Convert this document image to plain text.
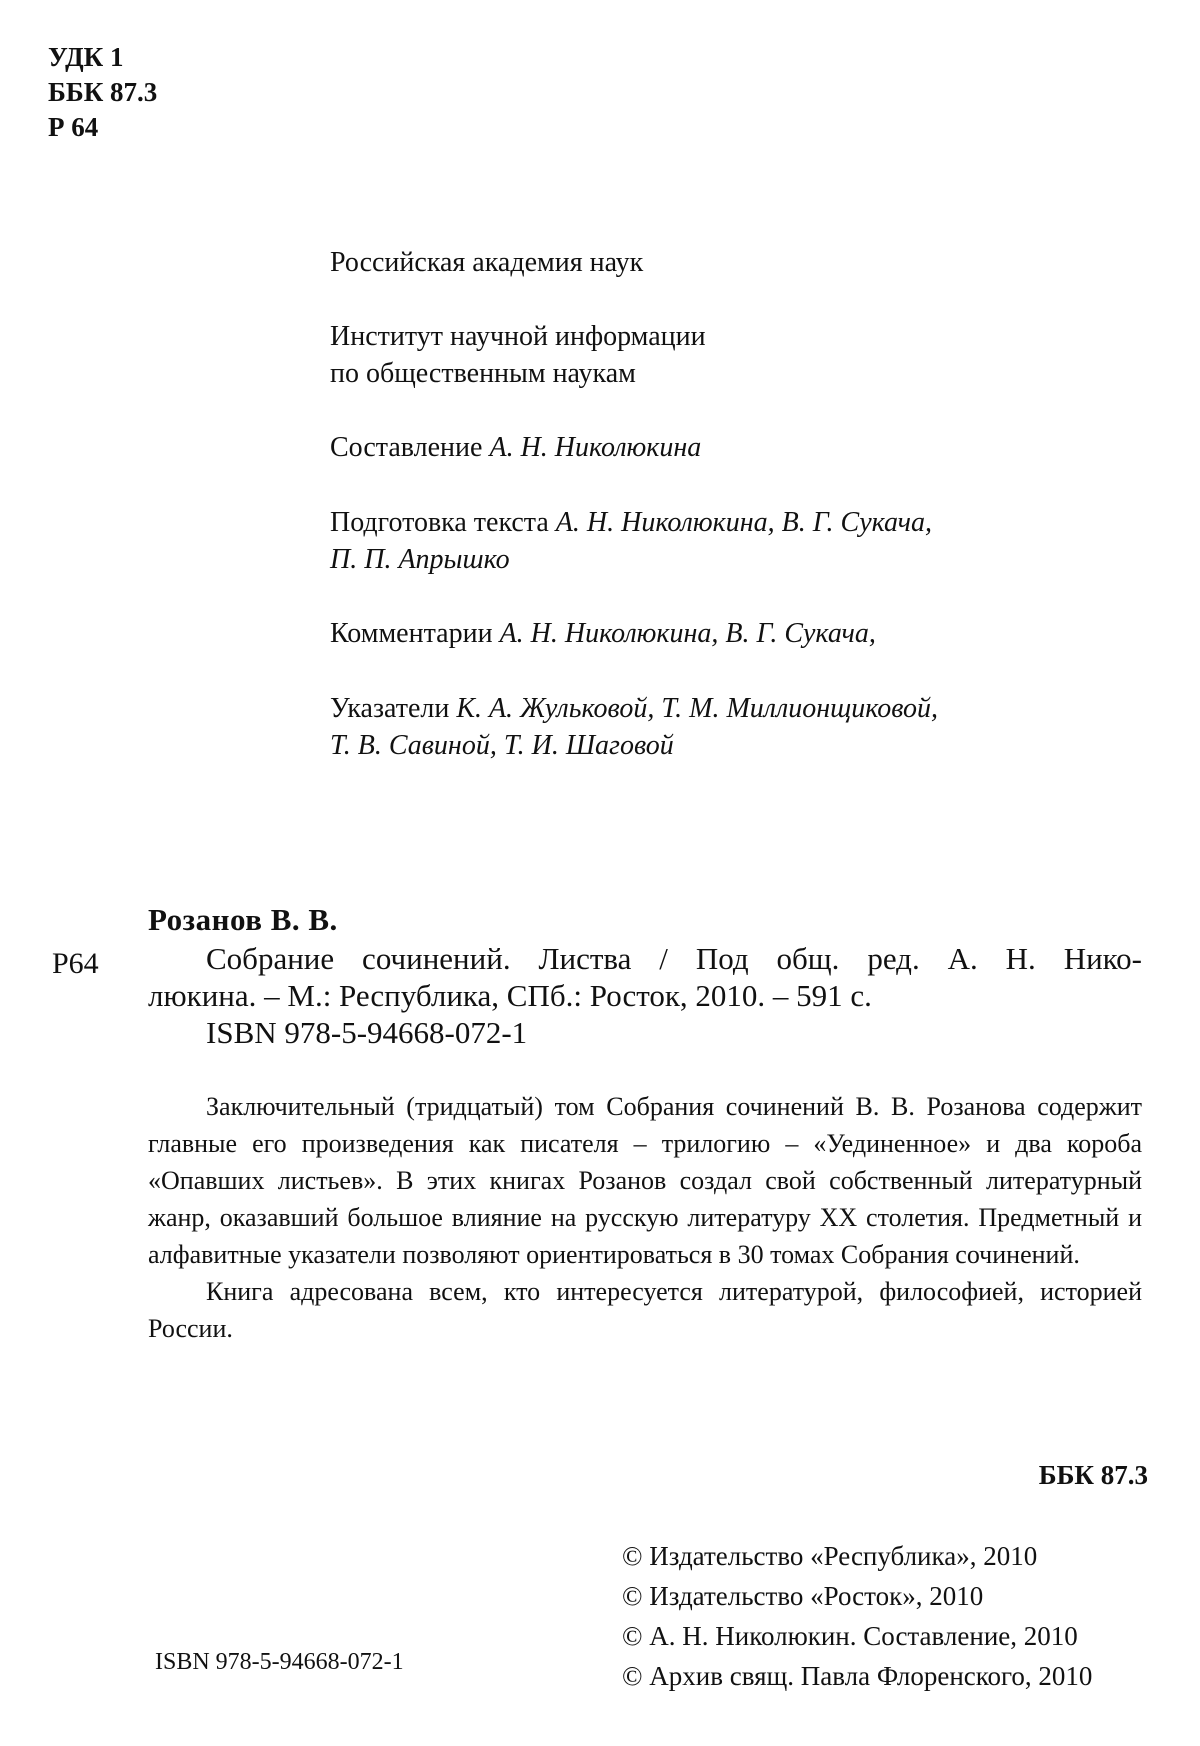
УДК 1
ББК 87.3
Р 64
Российская академия наук
Институт научной информации
по общественным наукам
Составление А. Н. Николюкина
Подготовка текста А. Н. Николюкина, В. Г. Сукача,
П. П. Апрышко
Комментарии А. Н. Николюкина, В. Г. Сукача,
Указатели К. А. Жульковой, Т. М. Миллионщиковой,
Т. В. Савиной, Т. И. Шаговой
Розанов В. В.
Р64	Собрание сочинений. Листва / Под общ. ред. А. Н. Нико-
люкина. – М.: Республика, СПб.: Росток, 2010. – 591 с.
ISBN 978-5-94668-072-1

Заключительный (тридцатый) том Собрания сочинений В. В. Розанова содержит главные его произведения как писателя – трилогию – «Уединенное» и два короба «Опавших листьев». В этих книгах Розанов создал свой собственный литературный жанр, оказавший большое влияние на русскую литературу XX столетия. Предметный и алфавитные указатели позволяют ориентироваться в 30 томах Собрания сочинений.

Книга адресована всем, кто интересуется литературой, философией, историей России.

ББК 87.3
© Издательство «Республика», 2010
© Издательство «Росток», 2010
© А. Н. Николюкин. Составление, 2010
© Архив свящ. Павла Флоренского, 2010
ISBN 978-5-94668-072-1
